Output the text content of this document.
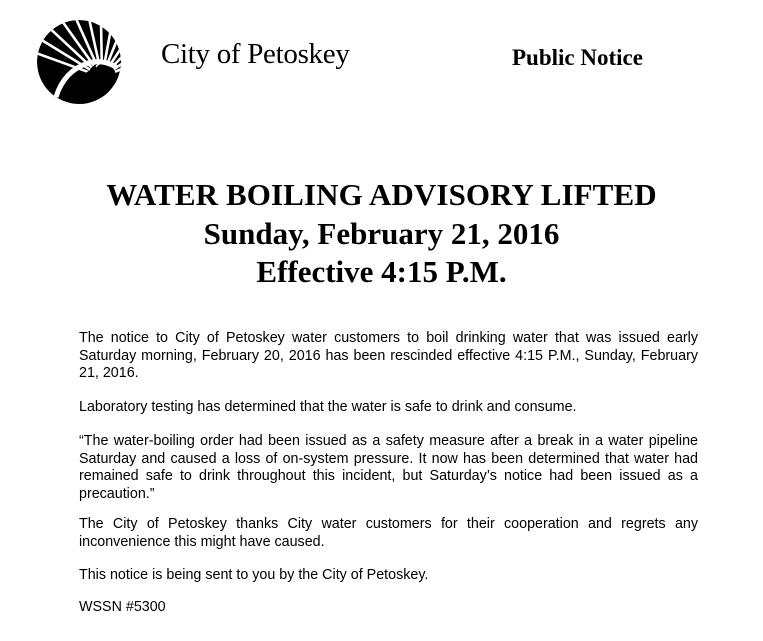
City of Petoskey	Public Notice
WATER BOILING ADVISORY LIFTED
Sunday, February 21, 2016
Effective 4:15 P.M.
The notice to City of Petoskey water customers to boil drinking water that was issued early Saturday morning, February 20, 2016 has been rescinded effective 4:15 P.M., Sunday, February 21, 2016.
Laboratory testing has determined that the water is safe to drink and consume.
“The water-boiling order had been issued as a safety measure after a break in a water pipeline Saturday and caused a loss of on-system pressure. It now has been determined that water had remained safe to drink throughout this incident, but Saturday’s notice had been issued as a precaution.”
The City of Petoskey thanks City water customers for their cooperation and regrets any inconvenience this might have caused.
This notice is being sent to you by the City of Petoskey.
WSSN #5300
